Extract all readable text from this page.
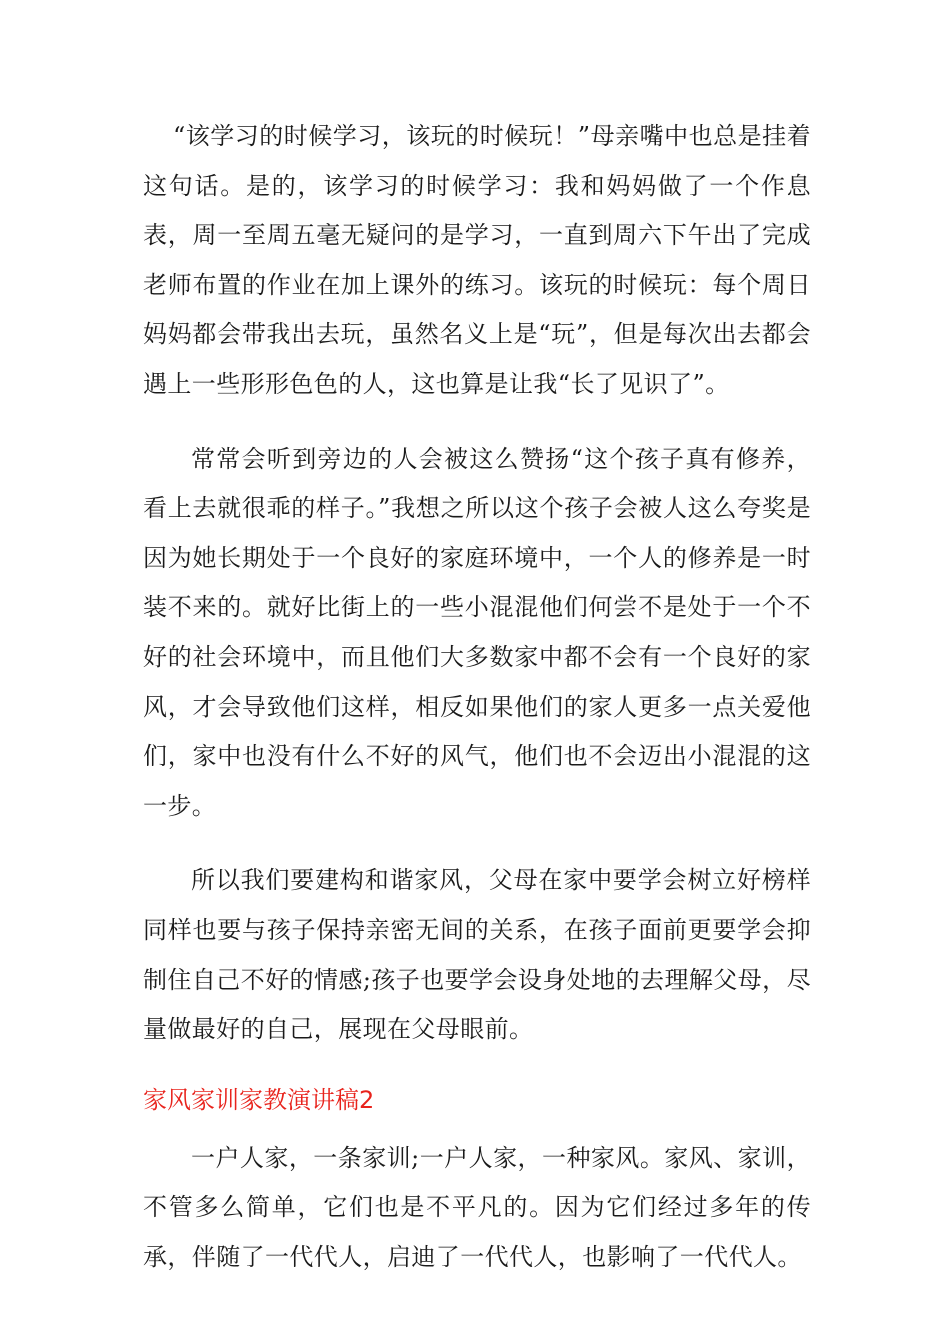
“该学习的时候学习，该玩的时候玩！”母亲嘴中也总是挂着这句话。是的，该学习的时候学习：我和妈妈做了一个作息表，周一至周五毫无疑问的是学习，一直到周六下午出了完成老师布置的作业在加上课外的练习。该玩的时候玩：每个周日妈妈都会带我出去玩，虽然名义上是“玩”，但是每次出去都会遇上一些形形色色的人，这也算是让我“长了见识了”。

常常会听到旁边的人会被这么赞扬“这个孩子真有修养，看上去就很乖的样子。”我想之所以这个孩子会被人这么夸奖是因为她长期处于一个良好的家庭环境中，一个人的修养是一时装不来的。就好比街上的一些小混混他们何尝不是处于一个不好的社会环境中，而且他们大多数家中都不会有一个良好的家风，才会导致他们这样，相反如果他们的家人更多一点关爱他们，家中也没有什么不好的风气，他们也不会迈出小混混的这一步。

所以我们要建构和谐家风，父母在家中要学会树立好榜样同样也要与孩子保持亲密无间的关系，在孩子面前更要学会抑制住自己不好的情感;孩子也要学会设身处地的去理解父母，尽量做最好的自己，展现在父母眼前。

家风家训家教演讲稿2

一户人家，一条家训;一户人家，一种家风。家风、家训，不管多么简单，它们也是不平凡的。因为它们经过多年的传承，伴随了一代代人，启迪了一代代人，也影响了一代代人。
